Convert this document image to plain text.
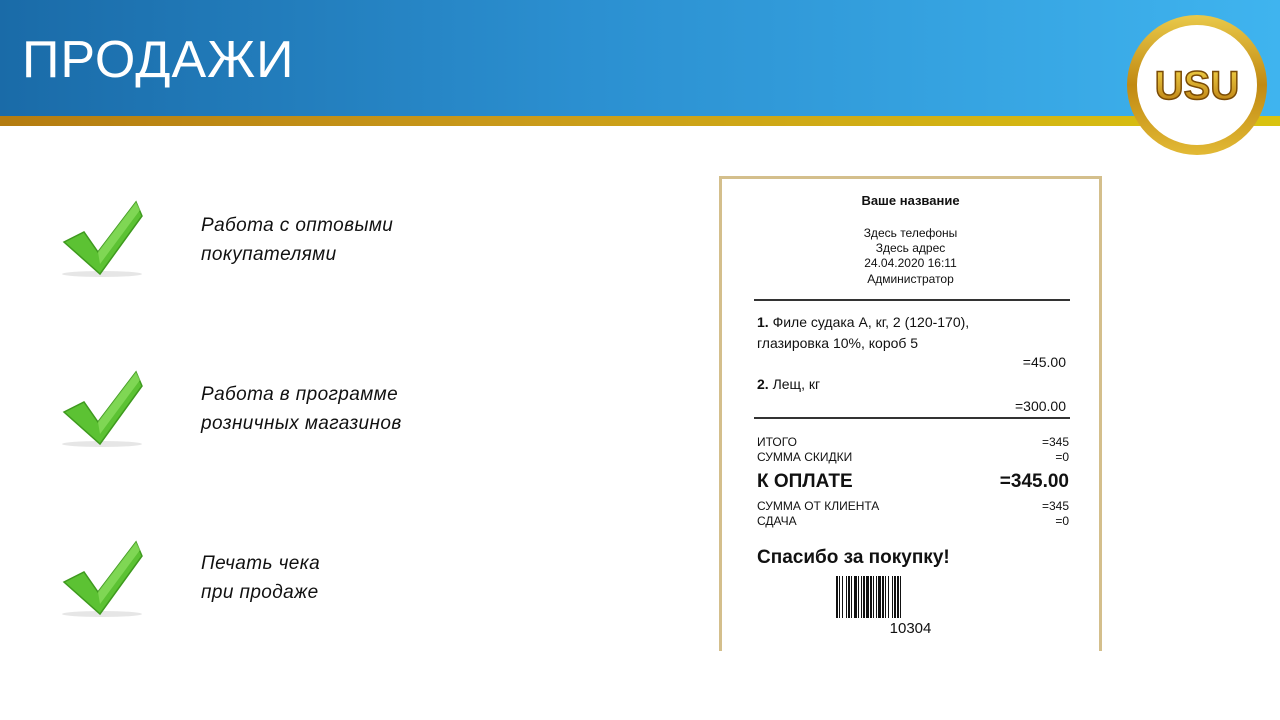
ПРОДАЖИ	USU
Работа с оптовыми
покупателями
Работа в программе
розничных магазинов
Печать чека
при продаже
Ваше название
Здесь телефоны
Здесь адрес
24.04.2020 16:11
Администратор
1. Филе судака А, кг, 2 (120-170),
глазировка 10%, короб 5
=45.00
2. Лещ, кг
=300.00
ИТОГО	=345
СУММА СКИДКИ	=0
К ОПЛАТЕ	=345.00
СУММА ОТ КЛИЕНТА	=345
СДАЧА	=0
Спасибо за покупку!
10304
